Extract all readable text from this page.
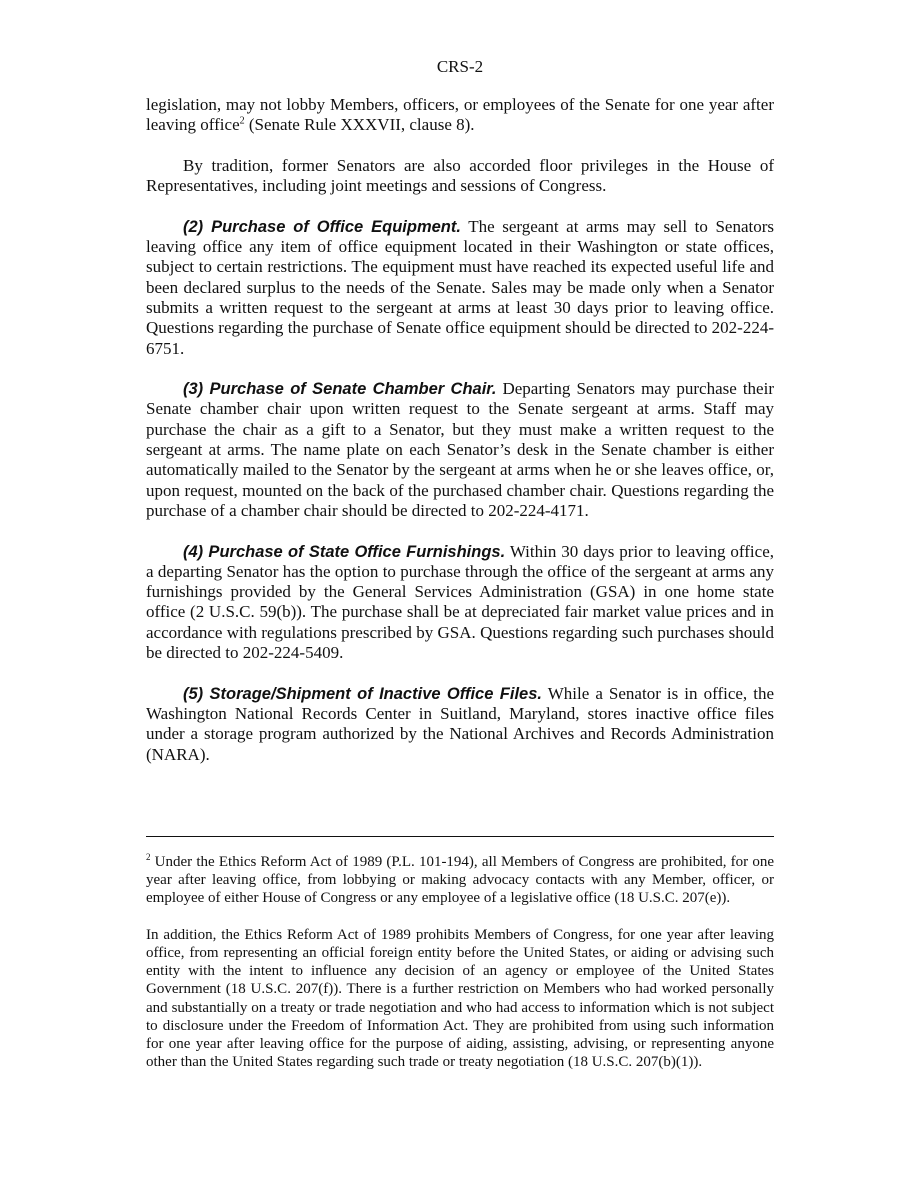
CRS-2

legislation, may not lobby Members, officers, or employees of the Senate for one year after leaving office$^2$ (Senate Rule XXXVII, clause 8).

By tradition, former Senators are also accorded floor privileges in the House of Representatives, including joint meetings and sessions of Congress.

(2) Purchase of Office Equipment. The sergeant at arms may sell to Senators leaving office any item of office equipment located in their Washington or state offices, subject to certain restrictions. The equipment must have reached its expected useful life and been declared surplus to the needs of the Senate. Sales may be made only when a Senator submits a written request to the sergeant at arms at least 30 days prior to leaving office. Questions regarding the purchase of Senate office equipment should be directed to 202-224-6751.

(3) Purchase of Senate Chamber Chair. Departing Senators may purchase their Senate chamber chair upon written request to the Senate sergeant at arms. Staff may purchase the chair as a gift to a Senator, but they must make a written request to the sergeant at arms. The name plate on each Senator’s desk in the Senate chamber is either automatically mailed to the Senator by the sergeant at arms when he or she leaves office, or, upon request, mounted on the back of the purchased chamber chair. Questions regarding the purchase of a chamber chair should be directed to 202-224-4171.

(4) Purchase of State Office Furnishings. Within 30 days prior to leaving office, a departing Senator has the option to purchase through the office of the sergeant at arms any furnishings provided by the General Services Administration (GSA) in one home state office (2 U.S.C. 59(b)). The purchase shall be at depreciated fair market value prices and in accordance with regulations prescribed by GSA. Questions regarding such purchases should be directed to 202-224-5409.

(5) Storage/Shipment of Inactive Office Files. While a Senator is in office, the Washington National Records Center in Suitland, Maryland, stores inactive office files under a storage program authorized by the National Archives and Records Administration (NARA).

$^2$ Under the Ethics Reform Act of 1989 (P.L. 101-194), all Members of Congress are prohibited, for one year after leaving office, from lobbying or making advocacy contacts with any Member, officer, or employee of either House of Congress or any employee of a legislative office (18 U.S.C. 207(e)).

In addition, the Ethics Reform Act of 1989 prohibits Members of Congress, for one year after leaving office, from representing an official foreign entity before the United States, or aiding or advising such entity with the intent to influence any decision of an agency or employee of the United States Government (18 U.S.C. 207(f)). There is a further restriction on Members who had worked personally and substantially on a treaty or trade negotiation and who had access to information which is not subject to disclosure under the Freedom of Information Act. They are prohibited from using such information for one year after leaving office for the purpose of aiding, assisting, advising, or representing anyone other than the United States regarding such trade or treaty negotiation (18 U.S.C. 207(b)(1)).
